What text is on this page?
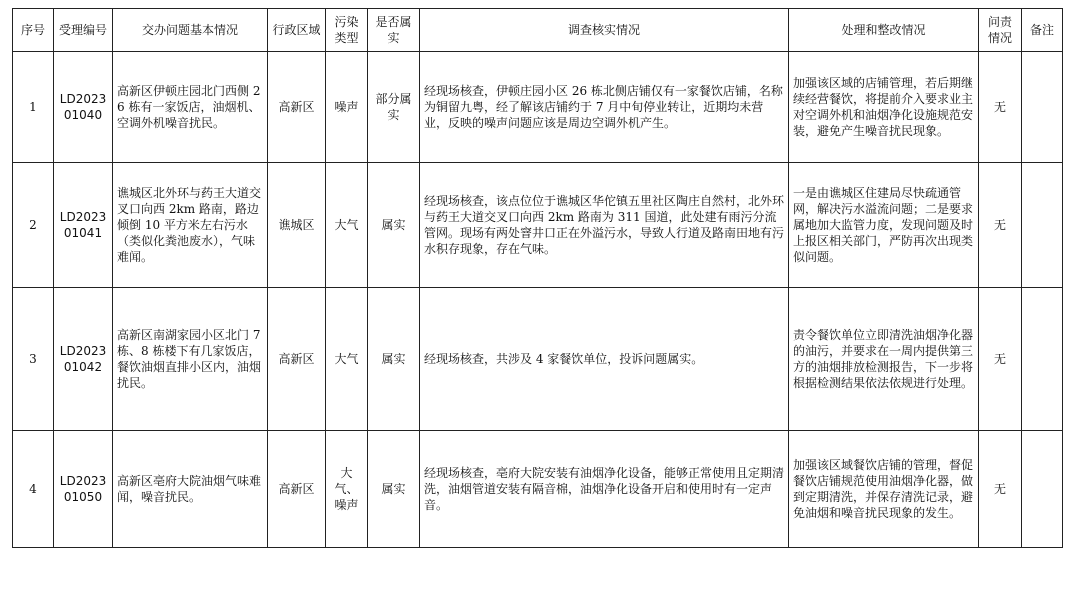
序号	受理编号	交办问题基本情况	行政区域	污染类型	是否属实	调查核实情况	处理和整改情况	问责情况	备注
1	LD202301040	高新区伊顿庄园北门西侧 26 栋有一家饭店，油烟机、空调外机噪音扰民。	高新区	噪声	部分属实	经现场核查，伊顿庄园小区 26 栋北侧店铺仅有一家餐饮店铺，名称为铜留九粤，经了解该店铺约于 7 月中旬停业转让，近期均未营业，反映的噪声问题应该是周边空调外机产生。	加强该区域的店铺管理，若后期继续经营餐饮，将提前介入要求业主对空调外机和油烟净化设施规范安装，避免产生噪音扰民现象。	无	
2	LD202301041	谯城区北外环与药王大道交叉口向西 2km 路南，路边倾倒 10 平方米左右污水（类似化粪池废水），气味难闻。	谯城区	大气	属实	经现场核查，该点位位于谯城区华佗镇五里社区陶庄自然村，北外环与药王大道交叉口向西 2km 路南为 311 国道，此处建有雨污分流管网。现场有两处窨井口正在外溢污水，导致人行道及路南田地有污水积存现象，存在气味。	一是由谯城区住建局尽快疏通管网，解决污水溢流问题；二是要求属地加大监管力度，发现问题及时上报区相关部门，严防再次出现类似问题。	无	
3	LD202301042	高新区南湖家园小区北门 7 栋、8 栋楼下有几家饭店，餐饮油烟直排小区内，油烟扰民。	高新区	大气	属实	经现场核查，共涉及 4 家餐饮单位，投诉问题属实。	责令餐饮单位立即清洗油烟净化器的油污，并要求在一周内提供第三方的油烟排放检测报告，下一步将根据检测结果依法依规进行处理。	无	
4	LD202301050	高新区亳府大院油烟气味难闻，噪音扰民。	高新区	大气、噪声	属实	经现场核查，亳府大院安装有油烟净化设备，能够正常使用且定期清洗，油烟管道安装有隔音棉，油烟净化设备开启和使用时有一定声音。	加强该区域餐饮店铺的管理，督促餐饮店铺规范使用油烟净化器，做到定期清洗，并保存清洗记录，避免油烟和噪音扰民现象的发生。	无	
